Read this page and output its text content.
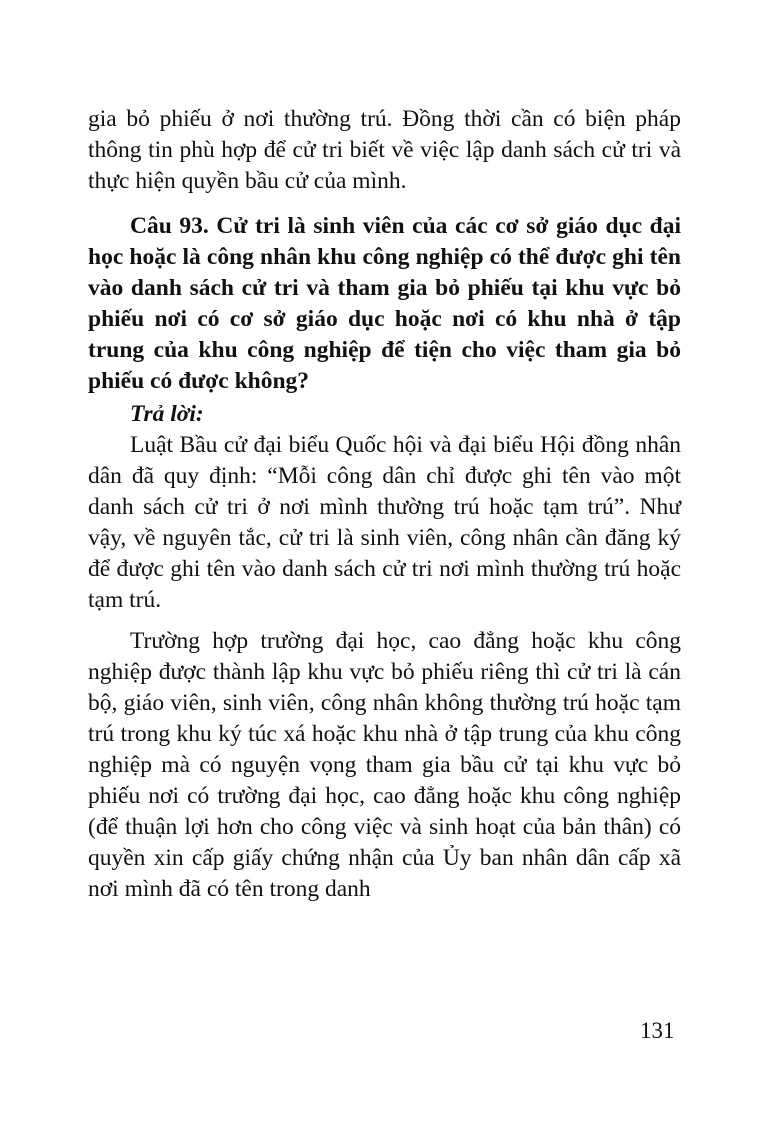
gia bỏ phiếu ở nơi thường trú. Đồng thời cần có biện pháp thông tin phù hợp để cử tri biết về việc lập danh sách cử tri và thực hiện quyền bầu cử của mình.

Câu 93. Cử tri là sinh viên của các cơ sở giáo dục đại học hoặc là công nhân khu công nghiệp có thể được ghi tên vào danh sách cử tri và tham gia bỏ phiếu tại khu vực bỏ phiếu nơi có cơ sở giáo dục hoặc nơi có khu nhà ở tập trung của khu công nghiệp để tiện cho việc tham gia bỏ phiếu có được không?

Trả lời:

Luật Bầu cử đại biểu Quốc hội và đại biểu Hội đồng nhân dân đã quy định: “Mỗi công dân chỉ được ghi tên vào một danh sách cử tri ở nơi mình thường trú hoặc tạm trú”. Như vậy, về nguyên tắc, cử tri là sinh viên, công nhân cần đăng ký để được ghi tên vào danh sách cử tri nơi mình thường trú hoặc tạm trú.

Trường hợp trường đại học, cao đẳng hoặc khu công nghiệp được thành lập khu vực bỏ phiếu riêng thì cử tri là cán bộ, giáo viên, sinh viên, công nhân không thường trú hoặc tạm trú trong khu ký túc xá hoặc khu nhà ở tập trung của khu công nghiệp mà có nguyện vọng tham gia bầu cử tại khu vực bỏ phiếu nơi có trường đại học, cao đẳng hoặc khu công nghiệp (để thuận lợi hơn cho công việc và sinh hoạt của bản thân) có quyền xin cấp giấy chứng nhận của Ủy ban nhân dân cấp xã nơi mình đã có tên trong danh

131
